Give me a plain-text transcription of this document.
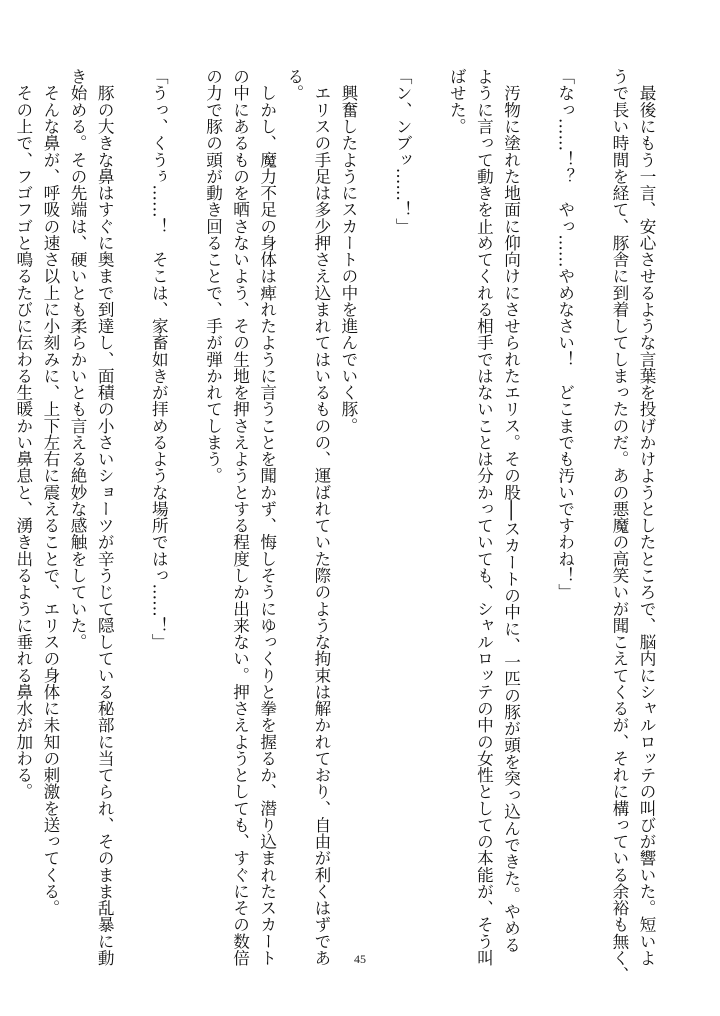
　最後にもう一言、安心させるような言葉を投げかけようとしたところで、脳内にシャルロッテの叫びが響いた。短いよ
うで長い時間を経て、豚舎に到着してしまったのだ。あの悪魔の高笑いが聞こえてくるが、それに構っている余裕も無く、

「なっ……！？　やっ……やめなさい！　どこまでも汚いですわね！」

　汚物に塗れた地面に仰向けにさせられたエリス。その股──スカートの中に、一匹の豚が頭を突っ込んできた。やめる
ように言って動きを止めてくれる相手ではないことは分かっていても、シャルロッテの中の女性としての本能が、そう叫
ばせた。

「ン、ンブッ……！」

　興奮したようにスカートの中を進んでいく豚。
　エリスの手足は多少押さえ込まれてはいるものの、運ばれていた際のような拘束は解かれており、自由が利くはずであ
る。
　しかし、魔力不足の身体は痺れたように言うことを聞かず、悔しそうにゆっくりと拳を握るか、潜り込まれたスカート
の中にあるものを晒さないよう、その生地を押さえようとする程度しか出来ない。押さえようとしても、すぐにその数倍
の力で豚の頭が動き回ることで、手が弾かれてしまう。

「うっ、くうぅ……！　そこは、家畜如きが拝めるような場所ではっ……！」

　豚の大きな鼻はすぐに奥まで到達し、面積の小さいショーツが辛うじて隠している秘部に当てられ、そのまま乱暴に動
き始める。その先端は、硬いとも柔らかいとも言える絶妙な感触をしていた。
　そんな鼻が、呼吸の速さ以上に小刻みに、上下左右に震えることで、エリスの身体に未知の刺激を送ってくる。
　その上で、フゴフゴと鳴るたびに伝わる生暖かい鼻息と、湧き出るように垂れる鼻水が加わる。

45
